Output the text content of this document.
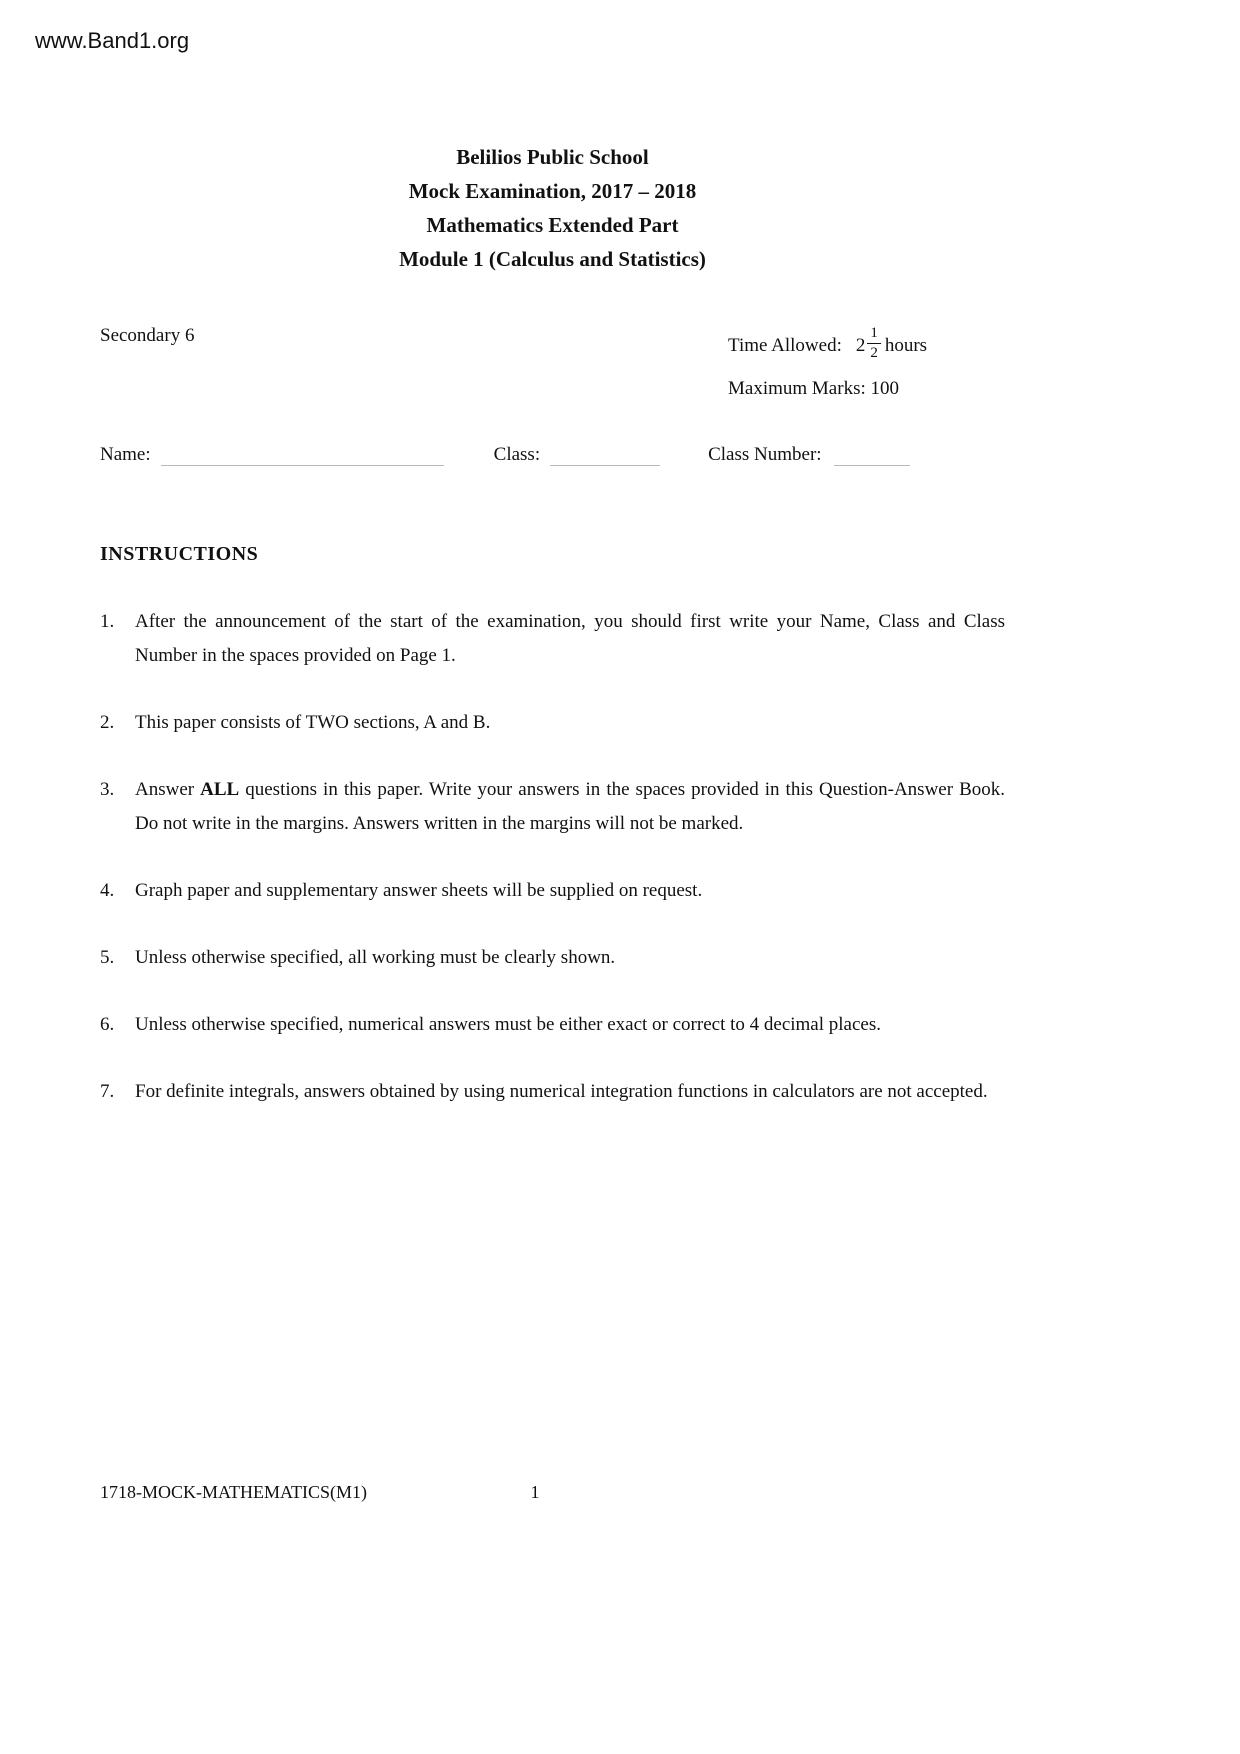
www.Band1.org
Belilios Public School
Mock Examination, 2017 – 2018
Mathematics Extended Part
Module 1 (Calculus and Statistics)
Secondary 6	Time Allowed: $2 \frac{1}{2}$ hours
Maximum Marks: 100
Name:	Class:	Class Number:
INSTRUCTIONS
1.	After the announcement of the start of the examination, you should first write your Name, Class and Class Number in the spaces provided on Page 1.
2.	This paper consists of TWO sections, A and B.
3.	Answer ALL questions in this paper. Write your answers in the spaces provided in this Question-Answer Book. Do not write in the margins. Answers written in the margins will not be marked.
4.	Graph paper and supplementary answer sheets will be supplied on request.
5.	Unless otherwise specified, all working must be clearly shown.
6.	Unless otherwise specified, numerical answers must be either exact or correct to 4 decimal places.
7.	For definite integrals, answers obtained by using numerical integration functions in calculators are not accepted.
1718-MOCK-MATHEMATICS(M1)	1
